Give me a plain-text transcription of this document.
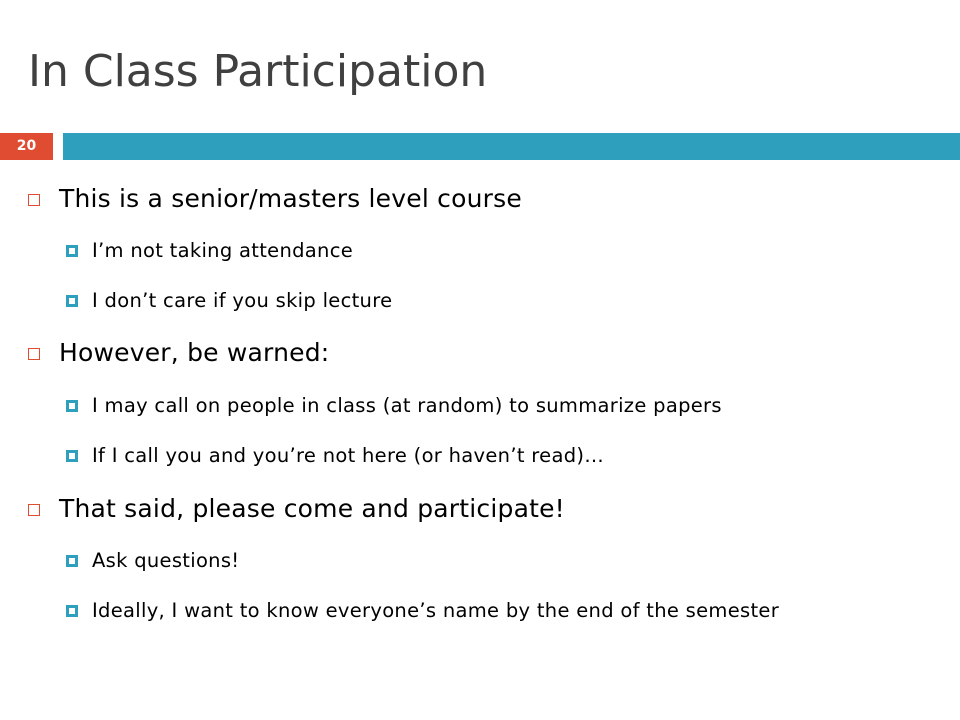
In Class Participation
20
This is a senior/masters level course
I’m not taking attendance
I don’t care if you skip lecture
However, be warned:
I may call on people in class (at random) to summarize papers
If I call you and you’re not here (or haven’t read)…
That said, please come and participate!
Ask questions!
Ideally, I want to know everyone’s name by the end of the semester
